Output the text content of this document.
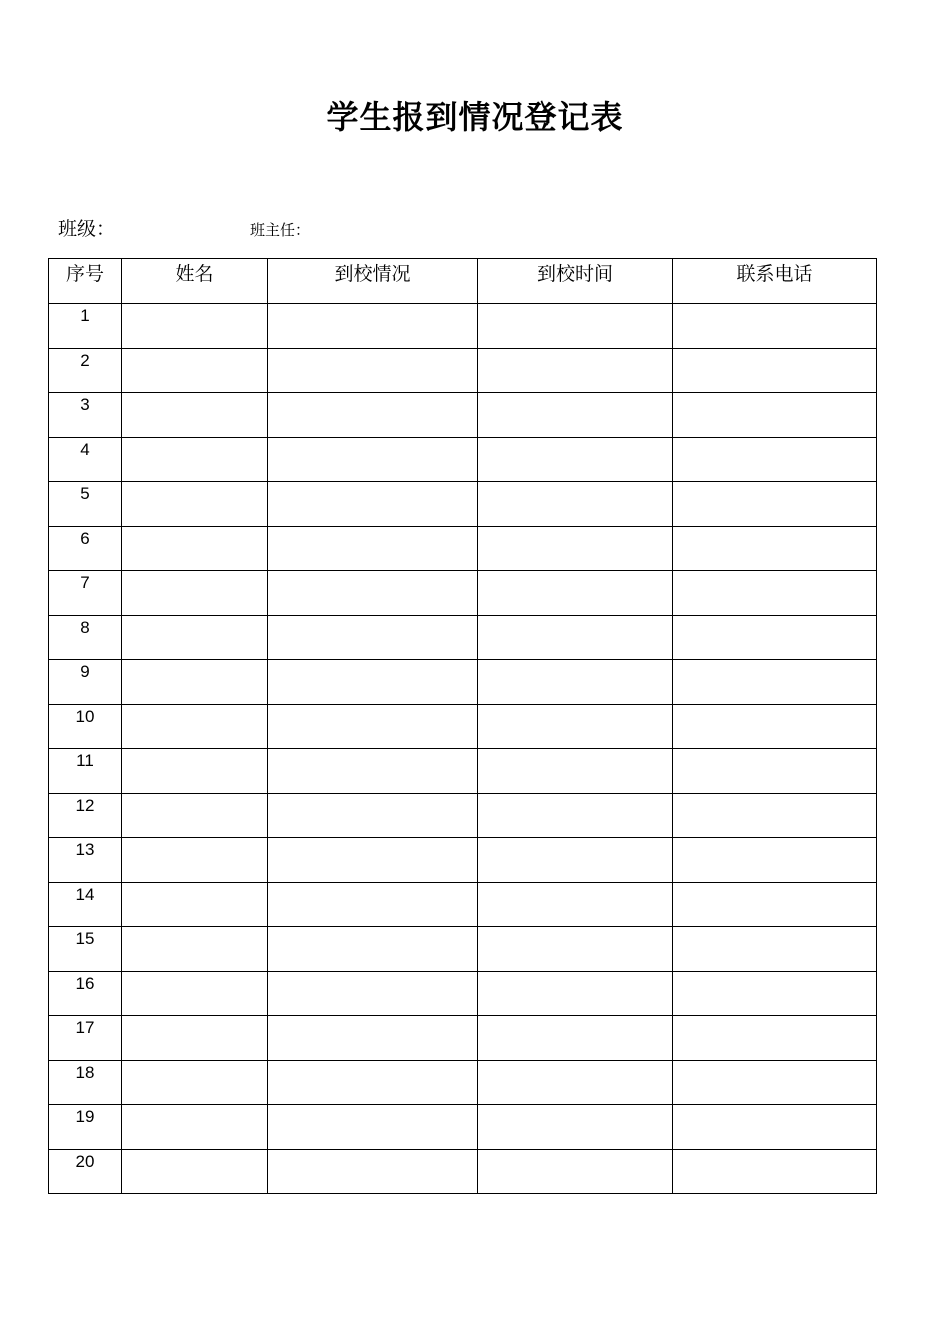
学生报到情况登记表
班级：	班主任：
序号	姓名	到校情况	到校时间	联系电话
1				
2				
3				
4				
5				
6				
7				
8				
9				
10				
11				
12				
13				
14				
15				
16				
17				
18				
19				
20				
